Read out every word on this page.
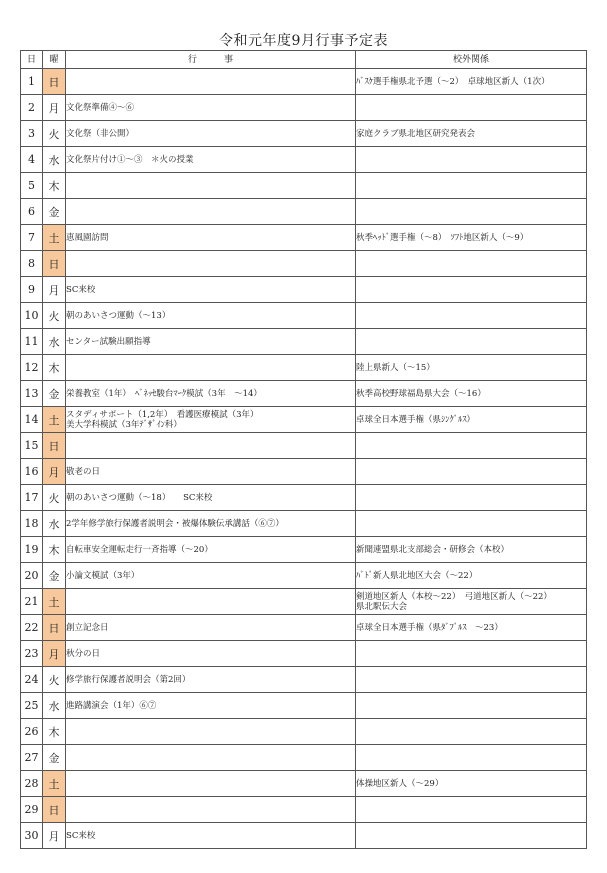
令和元年度9月行事予定表
日	曜	行　　　事	校外関係
1	日		ﾊﾞｽｹ選手権県北予選（～2）　卓球地区新人（1次）

2	月	文化祭準備④～⑥	

3	火	文化祭（非公開）	家庭クラブ県北地区研究発表会

4	水	文化祭片付け①～③　＊火の授業	

5	木		
6	金		
7	土	恵風園訪問	秋季ﾍｯﾄﾞ選手権（～8）　ｿﾌﾄ地区新人（～9）

8	日		
9	月	SC来校	

10	火	朝のあいさつ運動（～13）	

11	水	センター試験出願指導	

12	木		陸上県新人（～15）

13	金	栄養教室（1年）　ﾍﾞﾈｯｾ駿台ﾏｰｸ模試（3年　～14）	秋季高校野球福島県大会（～16）

14	土	スタディサポート（1,2年）　看護医療模試（3年）
美大学科模試（3年ﾃﾞｻﾞｲﾝ科）	卓球全日本選手権（県ｼﾝｸﾞﾙｽ）

15	日		
16	月	敬老の日	

17	火	朝のあいさつ運動（～18）　　SC来校	

18	水	2学年修学旅行保護者説明会・被爆体験伝承講話（⑥⑦）	

19	木	自転車安全運転走行一斉指導（～20）	新聞連盟県北支部総会・研修会（本校）

20	金	小論文模試（3年）	ﾊﾞﾄﾞ新人県北地区大会（～22）

21	土		剣道地区新人（本校～22）　弓道地区新人（～22）
県北駅伝大会

22	日	創立記念日	卓球全日本選手権（県ﾀﾞﾌﾞﾙｽ　～23）

23	月	秋分の日	

24	火	修学旅行保護者説明会（第2回）	

25	水	進路講演会（1年）⑥⑦	

26	木		
27	金		
28	土		体操地区新人（～29）

29	日		
30	月	SC来校	
